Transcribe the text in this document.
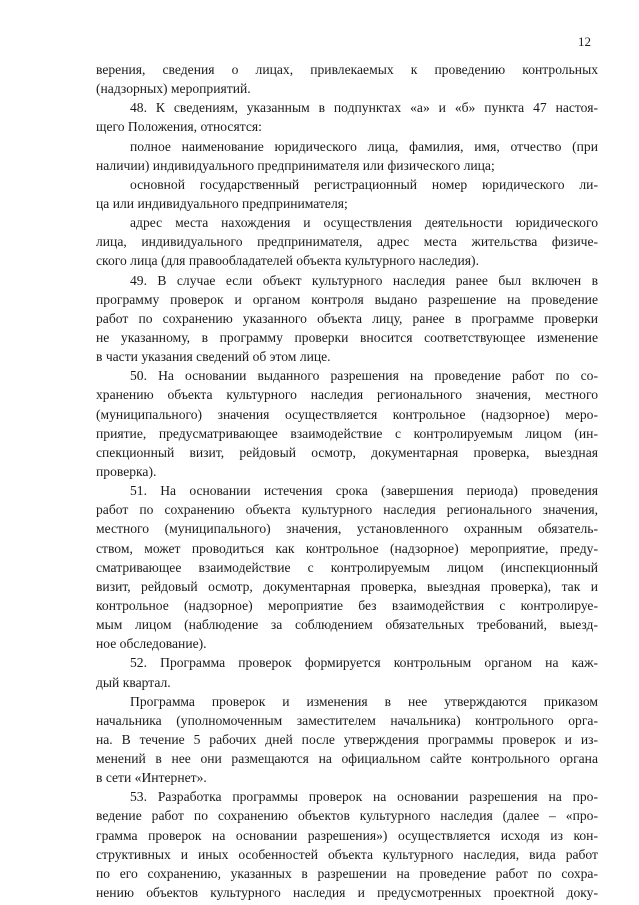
12
верения, сведения о лицах, привлекаемых к проведению контрольных
(надзорных) мероприятий.
48. К сведениям, указанным в подпунктах «а» и «б» пункта 47 настоя-
щего Положения, относятся:
полное наименование юридического лица, фамилия, имя, отчество (при
наличии) индивидуального предпринимателя или физического лица;
основной государственный регистрационный номер юридического ли-
ца или индивидуального предпринимателя;
адрес места нахождения и осуществления деятельности юридического
лица, индивидуального предпринимателя, адрес места жительства физиче-
ского лица (для правообладателей объекта культурного наследия).
49. В случае если объект культурного наследия ранее был включен в
программу проверок и органом контроля выдано разрешение на проведение
работ по сохранению указанного объекта лицу, ранее в программе проверки
не указанному, в программу проверки вносится соответствующее изменение
в части указания сведений об этом лице.
50. На основании выданного разрешения на проведение работ по со-
хранению объекта культурного наследия регионального значения, местного
(муниципального) значения осуществляется контрольное (надзорное) меро-
приятие, предусматривающее взаимодействие с контролируемым лицом (ин-
спекционный визит, рейдовый осмотр, документарная проверка, выездная
проверка).
51. На основании истечения срока (завершения периода) проведения
работ по сохранению объекта культурного наследия регионального значения,
местного (муниципального) значения, установленного охранным обязатель-
ством, может проводиться как контрольное (надзорное) мероприятие, преду-
сматривающее взаимодействие с контролируемым лицом (инспекционный
визит, рейдовый осмотр, документарная проверка, выездная проверка), так и
контрольное (надзорное) мероприятие без взаимодействия с контролируе-
мым лицом (наблюдение за соблюдением обязательных требований, выезд-
ное обследование).
52. Программа проверок формируется контрольным органом на каж-
дый квартал.
Программа проверок и изменения в нее утверждаются приказом
начальника (уполномоченным заместителем начальника) контрольного орга-
на. В течение 5 рабочих дней после утверждения программы проверок и из-
менений в нее они размещаются на официальном сайте контрольного органа
в сети «Интернет».
53. Разработка программы проверок на основании разрешения на про-
ведение работ по сохранению объектов культурного наследия (далее – «про-
грамма проверок на основании разрешения») осуществляется исходя из кон-
структивных и иных особенностей объекта культурного наследия, вида работ
по его сохранению, указанных в разрешении на проведение работ по сохра-
нению объектов культурного наследия и предусмотренных проектной доку-
